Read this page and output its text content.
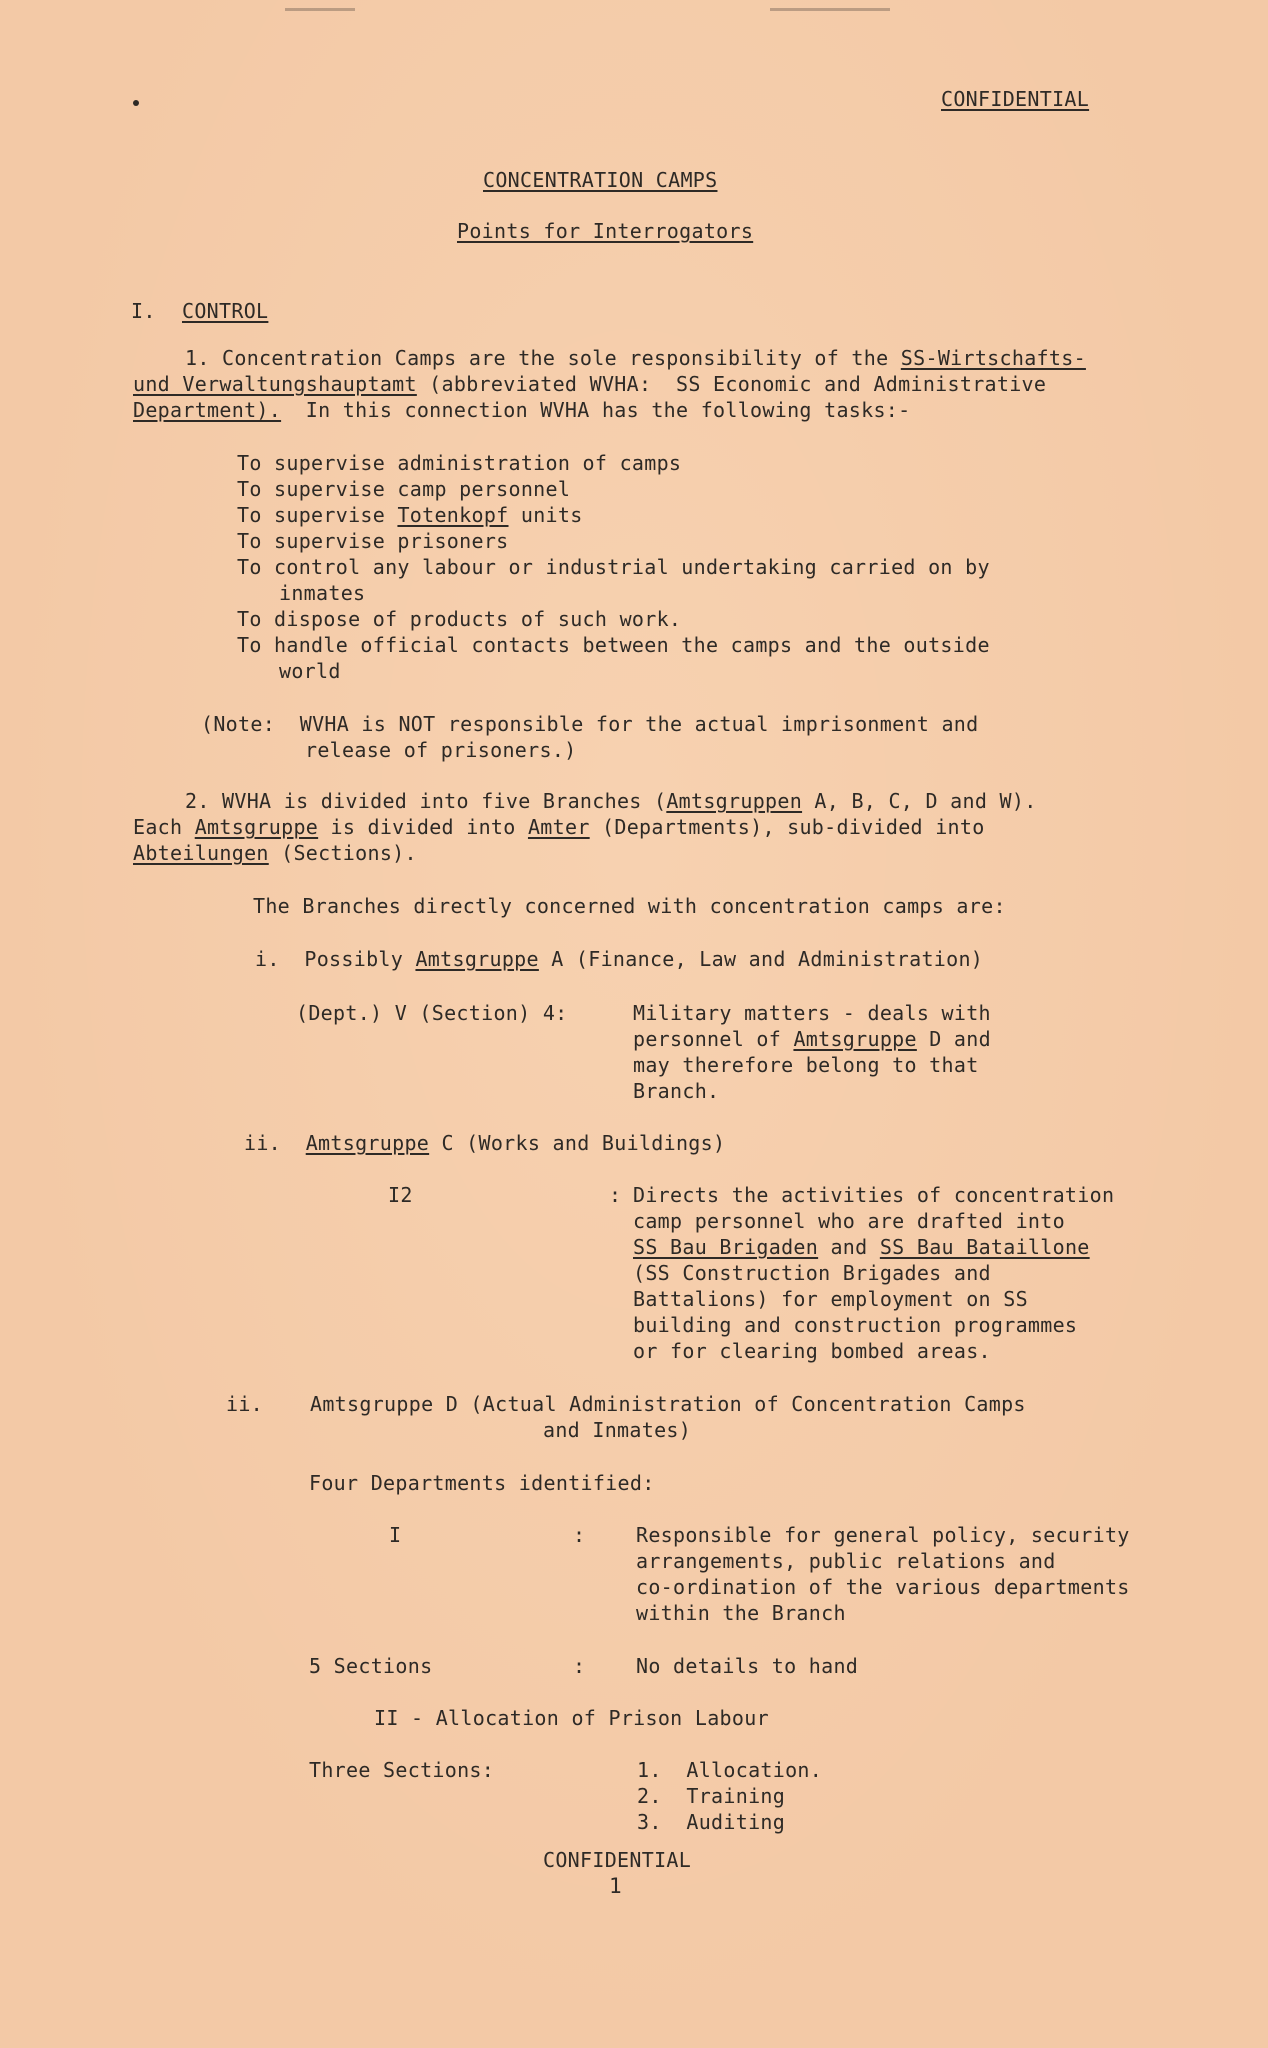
CONFIDENTIAL
CONCENTRATION CAMPS
Points for Interrogators
I. CONTROL
1. Concentration Camps are the sole responsibility of the SS-Wirtschafts-
und Verwaltungshauptamt (abbreviated WVHA:  SS Economic and Administrative
Department).  In this connection WVHA has the following tasks:-
To supervise administration of camps
To supervise camp personnel
To supervise Totenkopf units
To supervise prisoners
To control any labour or industrial undertaking carried on by
inmates
To dispose of products of such work.
To handle official contacts between the camps and the outside
world
(Note:  WVHA is NOT responsible for the actual imprisonment and
release of prisoners.)
2. WVHA is divided into five Branches (Amtsgruppen A, B, C, D and W).
Each Amtsgruppe is divided into Amter (Departments), sub-divided into
Abteilungen (Sections).
The Branches directly concerned with concentration camps are:
i. Possibly Amtsgruppe A (Finance, Law and Administration)
(Dept.) V (Section) 4:	Military matters - deals with
personnel of Amtsgruppe D and
may therefore belong to that
Branch.
ii. Amtsgruppe C (Works and Buildings)
I2	: Directs the activities of concentration
camp personnel who are drafted into
SS Bau Brigaden and SS Bau Bataillone
(SS Construction Brigades and
Battalions) for employment on SS
building and construction programmes
or for clearing bombed areas.
ii. Amtsgruppe D (Actual Administration of Concentration Camps
and Inmates)
Four Departments identified:
I	:	Responsible for general policy, security
arrangements, public relations and
co-ordination of the various departments
within the Branch
5 Sections	:	No details to hand
II - Allocation of Prison Labour
Three Sections:	1.  Allocation.
2.  Training
3.  Auditing
CONFIDENTIAL
1
